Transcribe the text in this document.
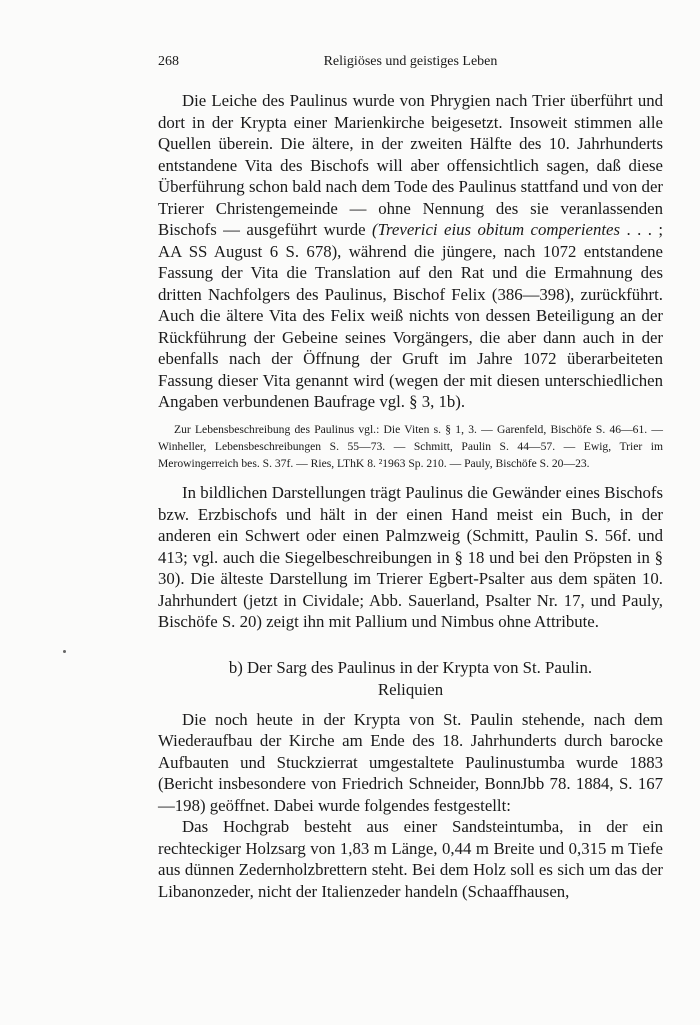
268	Religiöses und geistiges Leben

Die Leiche des Paulinus wurde von Phrygien nach Trier überführt und dort in der Krypta einer Marienkirche beigesetzt. Insoweit stimmen alle Quellen überein. Die ältere, in der zweiten Hälfte des 10. Jahrhunderts entstandene Vita des Bischofs will aber offensichtlich sagen, daß diese Überführung schon bald nach dem Tode des Paulinus stattfand und von der Trierer Christengemeinde — ohne Nennung des sie veranlassenden Bischofs — ausgeführt wurde (Treverici eius obitum comperientes . . . ; AA SS August 6 S. 678), während die jüngere, nach 1072 entstandene Fassung der Vita die Translation auf den Rat und die Ermahnung des dritten Nachfolgers des Paulinus, Bischof Felix (386—398), zurückführt. Auch die ältere Vita des Felix weiß nichts von dessen Beteiligung an der Rückführung der Gebeine seines Vorgängers, die aber dann auch in der ebenfalls nach der Öffnung der Gruft im Jahre 1072 überarbeiteten Fassung dieser Vita genannt wird (wegen der mit diesen unterschiedlichen Angaben verbundenen Baufrage vgl. § 3, 1b).

Zur Lebensbeschreibung des Paulinus vgl.: Die Viten s. § 1, 3. — Garenfeld, Bischöfe S. 46—61. — Winheller, Lebensbeschreibungen S. 55—73. — Schmitt, Paulin S. 44—57. — Ewig, Trier im Merowingerreich bes. S. 37f. — Ries, LThK 8. ²1963 Sp. 210. — Pauly, Bischöfe S. 20—23.

In bildlichen Darstellungen trägt Paulinus die Gewänder eines Bischofs bzw. Erzbischofs und hält in der einen Hand meist ein Buch, in der anderen ein Schwert oder einen Palmzweig (Schmitt, Paulin S. 56f. und 413; vgl. auch die Siegelbeschreibungen in § 18 und bei den Pröpsten in § 30). Die älteste Darstellung im Trierer Egbert-Psalter aus dem späten 10. Jahrhundert (jetzt in Cividale; Abb. Sauerland, Psalter Nr. 17, und Pauly, Bischöfe S. 20) zeigt ihn mit Pallium und Nimbus ohne Attribute.

b) Der Sarg des Paulinus in der Krypta von St. Paulin.
Reliquien

Die noch heute in der Krypta von St. Paulin stehende, nach dem Wiederaufbau der Kirche am Ende des 18. Jahrhunderts durch barocke Aufbauten und Stuckzierrat umgestaltete Paulinustumba wurde 1883 (Bericht insbesondere von Friedrich Schneider, BonnJbb 78. 1884, S. 167—198) geöffnet. Dabei wurde folgendes festgestellt:

Das Hochgrab besteht aus einer Sandsteintumba, in der ein rechteckiger Holzsarg von 1,83 m Länge, 0,44 m Breite und 0,315 m Tiefe aus dünnen Zedernholzbrettern steht. Bei dem Holz soll es sich um das der Libanonzeder, nicht der Italienzeder handeln (Schaaffhausen,
